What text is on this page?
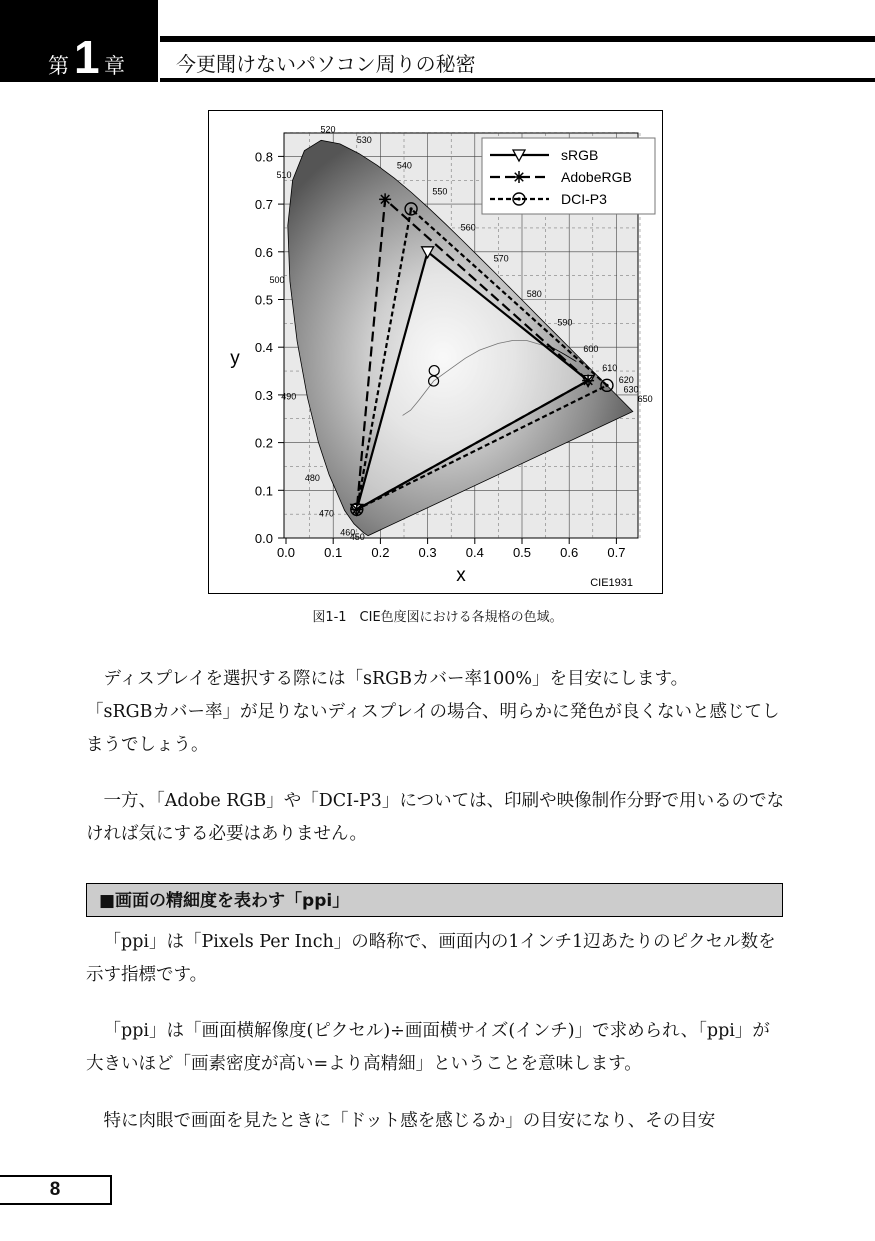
第 1 章	今更聞けないパソコン周りの秘密
0.0 0.1 0.2 0.3 0.4 0.5 0.6 0.7
0.0
0.1
0.2
0.3
0.4
0.5
0.6
0.7
0.8
520
530
540
550
560
570
580
590
600
610
620
630
650
510
500
490
480
470
460
450
x
y
CIE1931
sRGB
AdobeRGB
DCI-P3
図1-1　CIE色度図における各規格の色域。

ディスプレイを選択する際には「sRGBカバー率100%」を目安にします。

「sRGBカバー率」が足りないディスプレイの場合、明らかに発色が良くないと感じてしまうでしょう。

一方、「Adobe RGB」や「DCI-P3」については、印刷や映像制作分野で用いるのでなければ気にする必要はありません。

■画面の精細度を表わす「ppi」

「ppi」は「Pixels Per Inch」の略称で、画面内の1インチ1辺あたりのピクセル数を示す指標です。

「ppi」は「画面横解像度(ピクセル)÷画面横サイズ(インチ)」で求められ、「ppi」が大きいほど「画素密度が高い=より高精細」ということを意味します。

特に肉眼で画面を見たときに「ドット感を感じるか」の目安になり、その目安

8
